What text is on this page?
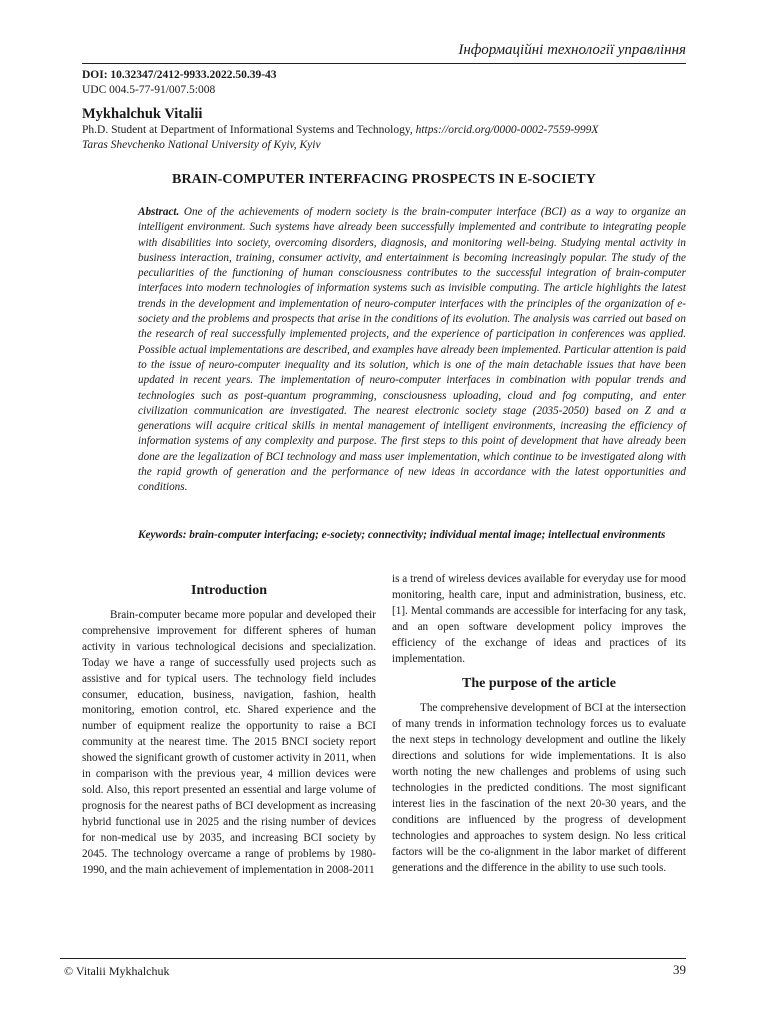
Інформаційні технології управління
DOI: 10.32347/2412-9933.2022.50.39-43
UDC 004.5-77-91/007.5:008
Mykhalchuk Vitalii
Ph.D. Student at Department of Informational Systems and Technology, https://orcid.org/0000-0002-7559-999X
Taras Shevchenko National University of Kyiv, Kyiv
BRAIN-COMPUTER INTERFACING PROSPECTS IN E-SOCIETY

Abstract. One of the achievements of modern society is the brain-computer interface (BCI) as a way to organize an intelligent environment. Such systems have already been successfully implemented and contribute to integrating people with disabilities into society, overcoming disorders, diagnosis, and monitoring well-being. Studying mental activity in business interaction, training, consumer activity, and entertainment is becoming increasingly popular. The study of the peculiarities of the functioning of human consciousness contributes to the successful integration of brain-computer interfaces into modern technologies of information systems such as invisible computing. The article highlights the latest trends in the development and implementation of neuro-computer interfaces with the principles of the organization of e-society and the problems and prospects that arise in the conditions of its evolution. The analysis was carried out based on the research of real successfully implemented projects, and the experience of participation in conferences was applied. Possible actual implementations are described, and examples have already been implemented. Particular attention is paid to the issue of neuro-computer inequality and its solution, which is one of the main detachable issues that have been updated in recent years. The implementation of neuro-computer interfaces in combination with popular trends and technologies such as post-quantum programming, consciousness uploading, cloud and fog computing, and enter civilization communication are investigated. The nearest electronic society stage (2035-2050) based on Z and α generations will acquire critical skills in mental management of intelligent environments, increasing the efficiency of information systems of any complexity and purpose. The first steps to this point of development that have already been done are the legalization of BCI technology and mass user implementation, which continue to be investigated along with the rapid growth of generation and the performance of new ideas in accordance with the latest opportunities and conditions.

Keywords: brain-computer interfacing; e-society; connectivity; individual mental image; intellectual environments

Introduction

Brain-computer became more popular and developed their comprehensive improvement for different spheres of human activity in various technological decisions and specialization. Today we have a range of successfully used projects such as assistive and for typical users. The technology field includes consumer, education, business, navigation, fashion, health monitoring, emotion control, etc. Shared experience and the number of equipment realize the opportunity to raise a BCI community at the nearest time. The 2015 BNCI society report showed the significant growth of customer activity in 2011, when in comparison with the previous year, 4 million devices were sold. Also, this report presented an essential and large volume of prognosis for the nearest paths of BCI development as increasing hybrid functional use in 2025 and the rising number of devices for non-medical use by 2035, and increasing BCI society by 2045. The technology overcame a range of problems by 1980-1990, and the main achievement of implementation in 2008-2011

is a trend of wireless devices available for everyday use for mood monitoring, health care, input and administration, business, etc. [1]. Mental commands are accessible for interfacing for any task, and an open software development policy improves the efficiency of the exchange of ideas and practices of its implementation.

The purpose of the article

The comprehensive development of BCI at the intersection of many trends in information technology forces us to evaluate the next steps in technology development and outline the likely directions and solutions for wide implementations. It is also worth noting the new challenges and problems of using such technologies in the predicted conditions. The most significant interest lies in the fascination of the next 20-30 years, and the conditions are influenced by the progress of development technologies and approaches to system design. No less critical factors will be the co-alignment in the labor market of different generations and the difference in the ability to use such tools.

© Vitalii Mykhalchuk	39
